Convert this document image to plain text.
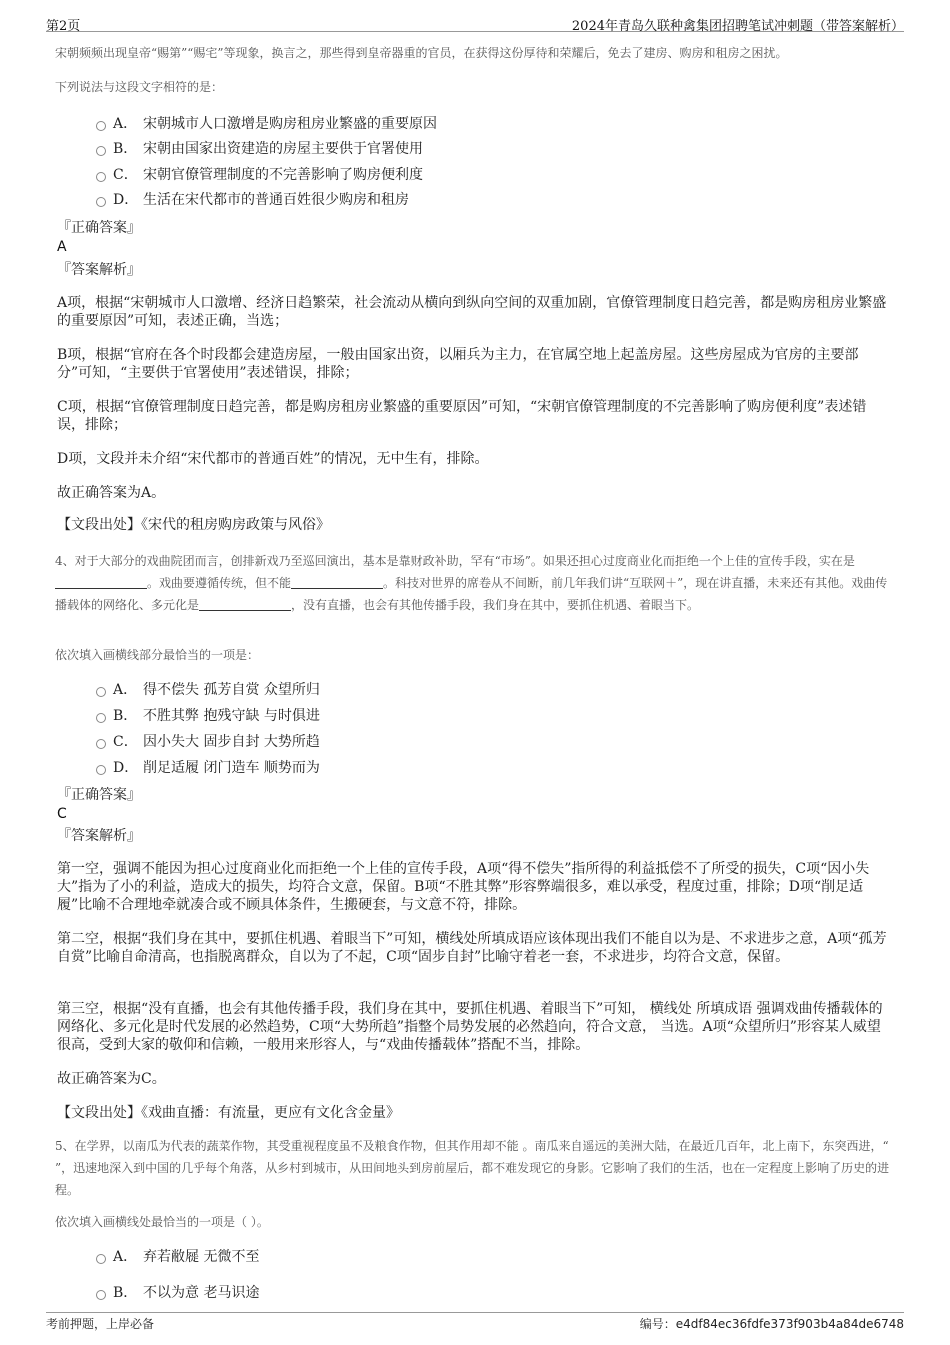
第2页	2024年青岛久联种禽集团招聘笔试冲刺题（带答案解析）
宋朝频频出现皇帝“赐第”“赐宅”等现象，换言之，那些得到皇帝器重的官员，在获得这份厚待和荣耀后，免去了建房、购房和租房之困扰。
下列说法与这段文字相符的是：
A． 宋朝城市人口激增是购房租房业繁盛的重要原因
B． 宋朝由国家出资建造的房屋主要供于官署使用
C． 宋朝官僚管理制度的不完善影响了购房便利度
D． 生活在宋代都市的普通百姓很少购房和租房
『正确答案』
A
『答案解析』
A项，根据“宋朝城市人口激增、经济日趋繁荣，社会流动从横向到纵向空间的双重加剧，官僚管理制度日趋完善，都是购房租房业繁盛的重要原因”可知，表述正确，当选；
B项，根据“官府在各个时段都会建造房屋，一般由国家出资，以厢兵为主力，在官属空地上起盖房屋。这些房屋成为官房的主要部分”可知，“主要供于官署使用”表述错误，排除；
C项，根据“官僚管理制度日趋完善，都是购房租房业繁盛的重要原因”可知，“宋朝官僚管理制度的不完善影响了购房便利度”表述错误，排除；
D项，文段并未介绍“宋代都市的普通百姓”的情况，无中生有，排除。
故正确答案为A。
【文段出处】《宋代的租房购房政策与风俗》
4、对于大部分的戏曲院团而言，创排新戏乃至巡回演出，基本是靠财政补助，罕有“市场”。如果还担心过度商业化而拒绝一个上佳的宣传手段，实在是。戏曲要遵循传统，但不能	。科技对世界的席卷从不间断，前几年我们讲“互联网＋”，现在讲直播，未来还有其他。戏曲传播载体的网络化、多元化是	，没有直播，也会有其他传播手段，我们身在其中，要抓住机遇、着眼当下。
依次填入画横线部分最恰当的一项是：
A． 得不偿失 孤芳自赏 众望所归
B． 不胜其弊 抱残守缺 与时俱进
C． 因小失大 固步自封 大势所趋
D． 削足适履 闭门造车 顺势而为
『正确答案』
C
『答案解析』
第一空，强调不能因为担心过度商业化而拒绝一个上佳的宣传手段，A项“得不偿失”指所得的利益抵偿不了所受的损失，C项“因小失大”指为了小的利益，造成大的损失，均符合文意，保留。B项“不胜其弊”形容弊端很多，难以承受，程度过重，排除；D项“削足适履”比喻不合理地牵就凑合或不顾具体条件，生搬硬套，与文意不符，排除。
第二空，根据“我们身在其中，要抓住机遇、着眼当下”可知，横线处所填成语应该体现出我们不能自以为是、不求进步之意，A项“孤芳自赏”比喻自命清高，也指脱离群众，自以为了不起，C项“固步自封”比喻守着老一套，不求进步，均符合文意，保留。
第三空，根据“没有直播，也会有其他传播手段，我们身在其中，要抓住机遇、着眼当下”可知， 横线处 所填成语 强调戏曲传播载体的网络化、多元化是时代发展的必然趋势，C项“大势所趋”指整个局势发展的必然趋向，符合文意， 当选。A项“众望所归”形容某人威望很高，受到大家的敬仰和信赖，一般用来形容人，与“戏曲传播载体”搭配不当，排除。
故正确答案为C。
【文段出处】《戏曲直播：有流量，更应有文化含金量》
5、在学界，以南瓜为代表的蔬菜作物，其受重视程度虽不及粮食作物，但其作用却不能 。南瓜来自遥远的美洲大陆，在最近几百年，北上南下，东突西进，“ ”，迅速地深入到中国的几乎每个角落，从乡村到城市，从田间地头到房前屋后，都不难发现它的身影。它影响了我们的生活，也在一定程度上影响了历史的进程。
依次填入画横线处最恰当的一项是（ ）。
A． 弃若敝屣 无微不至
B． 不以为意 老马识途
考前押题，上岸必备	编号：e4df84ec36fdfe373f903b4a84de6748
